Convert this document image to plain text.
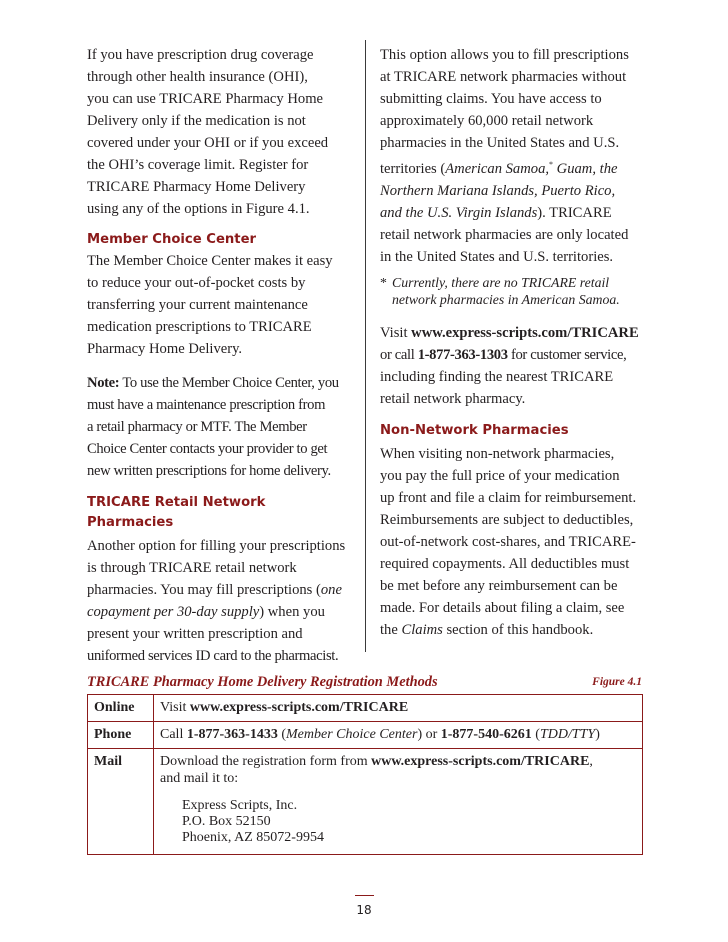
If you have prescription drug coverage
through other health insurance (OHI),
you can use TRICARE Pharmacy Home
Delivery only if the medication is not
covered under your OHI or if you exceed
the OHI’s coverage limit. Register for
TRICARE Pharmacy Home Delivery
using any of the options in Figure 4.1.

Member Choice Center

The Member Choice Center makes it easy
to reduce your out-of-pocket costs by
transferring your current maintenance
medication prescriptions to TRICARE
Pharmacy Home Delivery.

Note: To use the Member Choice Center, you
must have a maintenance prescription from
a retail pharmacy or MTF. The Member
Choice Center contacts your provider to get
new written prescriptions for home delivery.

TRICARE Retail Network Pharmacies

Another option for filling your prescriptions
is through TRICARE retail network
pharmacies. You may fill prescriptions (one
copayment per 30-day supply) when you
present your written prescription and
uniformed services ID card to the pharmacist.

This option allows you to fill prescriptions
at TRICARE network pharmacies without
submitting claims. You have access to
approximately 60,000 retail network
pharmacies in the United States and U.S.
territories (American Samoa,* Guam, the
Northern Mariana Islands, Puerto Rico,
and the U.S. Virgin Islands). TRICARE
retail network pharmacies are only located
in the United States and U.S. territories.

* Currently, there are no TRICARE retail
network pharmacies in American Samoa.

Visit www.express-scripts.com/TRICARE
or call 1-877-363-1303 for customer service,
including finding the nearest TRICARE
retail network pharmacy.

Non-Network Pharmacies

When visiting non-network pharmacies,
you pay the full price of your medication
up front and file a claim for reimbursement.
Reimbursements are subject to deductibles,
out-of-network cost-shares, and TRICARE-
required copayments. All deductibles must
be met before any reimbursement can be
made. For details about filing a claim, see
the Claims section of this handbook.

TRICARE Pharmacy Home Delivery Registration Methods	Figure 4.1
Online	Visit www.express-scripts.com/TRICARE
Phone	Call 1-877-363-1433 (Member Choice Center) or 1-877-540-6261 (TDD/TTY)
Mail	Download the registration form from www.express-scripts.com/TRICARE,
and mail it to:
Express Scripts, Inc.
P.O. Box 52150
Phoenix, AZ 85072-9954
18
